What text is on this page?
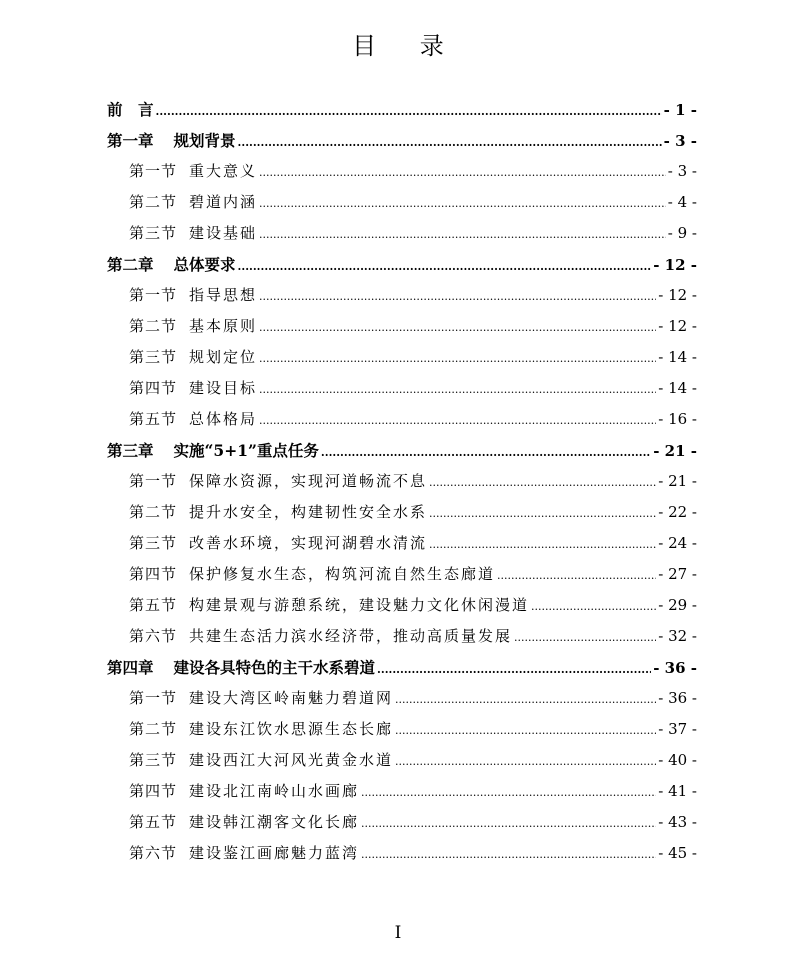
目 录
前　言 .....	- 1 -
第一章 规划背景 .....	- 3 -
第一节 重大意义 .....	- 3 -
第二节 碧道内涵 .....	- 4 -
第三节 建设基础 .....	- 9 -
第二章 总体要求 .....	- 12 -
第一节 指导思想 .....	- 12 -
第二节 基本原则 .....	- 12 -
第三节 规划定位 .....	- 14 -
第四节 建设目标 .....	- 14 -
第五节 总体格局 .....	- 16 -
第三章 实施“5+1”重点任务 .....	- 21 -
第一节 保障水资源，实现河道畅流不息 .....	- 21 -
第二节 提升水安全，构建韧性安全水系 .....	- 22 -
第三节 改善水环境，实现河湖碧水清流 .....	- 24 -
第四节 保护修复水生态，构筑河流自然生态廊道 .....	- 27 -
第五节 构建景观与游憩系统，建设魅力文化休闲漫道 .....	- 29 -
第六节 共建生态活力滨水经济带，推动高质量发展 .....	- 32 -
第四章 建设各具特色的主干水系碧道 .....	- 36 -
第一节 建设大湾区岭南魅力碧道网 .....	- 36 -
第二节 建设东江饮水思源生态长廊 .....	- 37 -
第三节 建设西江大河风光黄金水道 .....	- 40 -
第四节 建设北江南岭山水画廊 .....	- 41 -
第五节 建设韩江潮客文化长廊 .....	- 43 -
第六节 建设鉴江画廊魅力蓝湾 .....	- 45 -
I
